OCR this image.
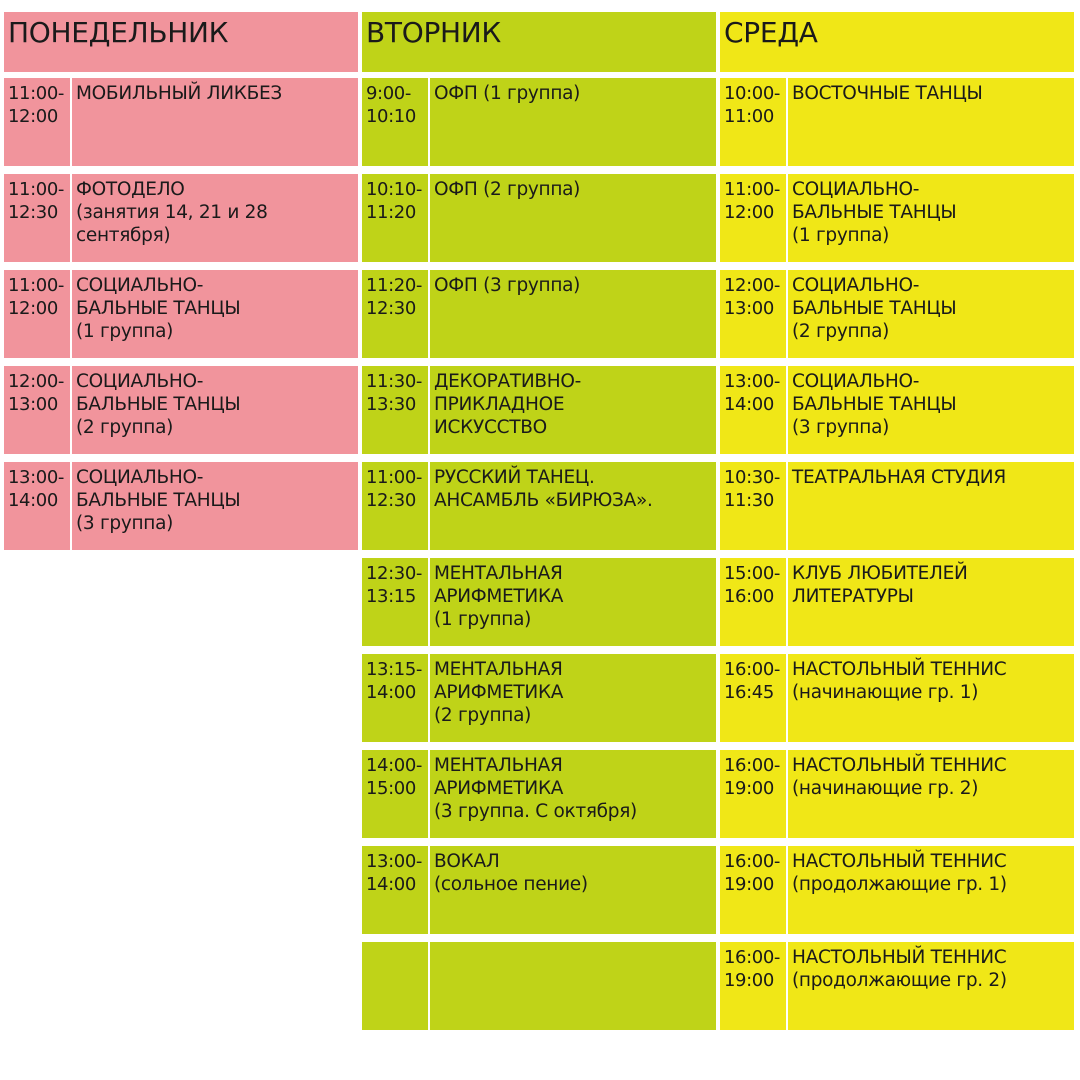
ПОНЕДЕЛЬНИК
11:00-
12:00
МОБИЛЬНЫЙ ЛИКБЕЗ
11:00-
12:30
ФОТОДЕЛО
(занятия 14, 21 и 28
сентября)
11:00-
12:00
СОЦИАЛЬНО-
БАЛЬНЫЕ ТАНЦЫ
(1 группа)
12:00-
13:00
СОЦИАЛЬНО-
БАЛЬНЫЕ ТАНЦЫ
(2 группа)
13:00-
14:00
СОЦИАЛЬНО-
БАЛЬНЫЕ ТАНЦЫ
(3 группа)
ВТОРНИК
9:00-
10:10
ОФП (1 группа)
10:10-
11:20
ОФП (2 группа)
11:20-
12:30
ОФП (3 группа)
11:30-
13:30
ДЕКОРАТИВНО-
ПРИКЛАДНОЕ
ИСКУССТВО
11:00-
12:30
РУССКИЙ ТАНЕЦ.
АНСАМБЛЬ «БИРЮЗА».
12:30-
13:15
МЕНТАЛЬНАЯ
АРИФМЕТИКА
(1 группа)
13:15-
14:00
МЕНТАЛЬНАЯ
АРИФМЕТИКА
(2 группа)
14:00-
15:00
МЕНТАЛЬНАЯ
АРИФМЕТИКА
(3 группа. С октября)
13:00-
14:00
ВОКАЛ
(сольное пение)
СРЕДА
10:00-
11:00
ВОСТОЧНЫЕ ТАНЦЫ
11:00-
12:00
СОЦИАЛЬНО-
БАЛЬНЫЕ ТАНЦЫ
(1 группа)
12:00-
13:00
СОЦИАЛЬНО-
БАЛЬНЫЕ ТАНЦЫ
(2 группа)
13:00-
14:00
СОЦИАЛЬНО-
БАЛЬНЫЕ ТАНЦЫ
(3 группа)
10:30-
11:30
ТЕАТРАЛЬНАЯ СТУДИЯ
15:00-
16:00
КЛУБ ЛЮБИТЕЛЕЙ
ЛИТЕРАТУРЫ
16:00-
16:45
НАСТОЛЬНЫЙ ТЕННИС
(начинающие гр. 1)
16:00-
19:00
НАСТОЛЬНЫЙ ТЕННИС
(начинающие гр. 2)
16:00-
19:00
НАСТОЛЬНЫЙ ТЕННИС
(продолжающие гр. 1)
16:00-
19:00
НАСТОЛЬНЫЙ ТЕННИС
(продолжающие гр. 2)
